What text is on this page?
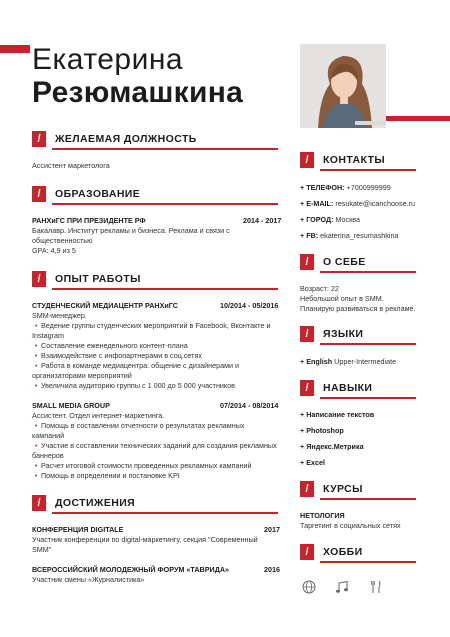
Екатерина
Резюмашкина
/	ЖЕЛАЕМАЯ ДОЛЖНОСТЬ
Ассистент маркетолога
/	ОБРАЗОВАНИЕ
РАНХиГС ПРИ ПРЕЗИДЕНТЕ РФ	2014 - 2017
Бакалавр. Институт рекламы и бизнеса. Реклама и связи с
общественностью
GPA: 4,9 из 5
/	ОПЫТ РАБОТЫ
СТУДЕНЧЕСКИЙ МЕДИАЦЕНТР РАНХиГС	10/2014 - 05/2016
SMM-менеджер.
• Ведение группы студенческих мероприятий в Facebook, Вконтакте и
Instagram
• Составление еженедельного контент-плана
• Взаимодействие с инфопартнерами в соц.сетях
• Работа в команде медиацентра: общение с дизайнерами и
организаторами мероприятий
• Увеличила аудиторию группы с 1 000 до 5 000 участников
SMALL MEDIA GROUP	07/2014 - 08/2014
Ассистент. Отдел интернет-маркетинга.
• Помощь в составлении отчетности о результатах рекламных
кампаний
• Участие в составлении технических заданий для создания рекламных
баннеров
• Расчет итоговой стоимости проведенных рекламных кампаний
• Помощь в определении и постановке KPI
/	ДОСТИЖЕНИЯ
КОНФЕРЕНЦИЯ DIGITALE	2017
Участник конференции по digital-маркетингу, секция "Современный
SMM"
ВСЕРОССИЙСКИЙ МОЛОДЕЖНЫЙ ФОРУМ «ТАВРИДА»	2016
Участник смены «Журналистика»
/	КОНТАКТЫ
+ ТЕЛЕФОН: +7000999999
+ E-MAIL: resukate@icanchoose.ru
+ ГОРОД: Москва
+ FB: ekaterina_resumashkina
/	О СЕБЕ
Возраст: 22
Небольшой опыт в SMM.
Планирую развиваться в рекламе.
/	ЯЗЫКИ
+ English Upper-Intermediate
/	НАВЫКИ
+ Написание текстов
+ Photoshop
+ Яндекс.Метрика
+ Excel
/	КУРСЫ
НЕТОЛОГИЯ
Таргетинг в социальных сетях
/	ХОББИ
